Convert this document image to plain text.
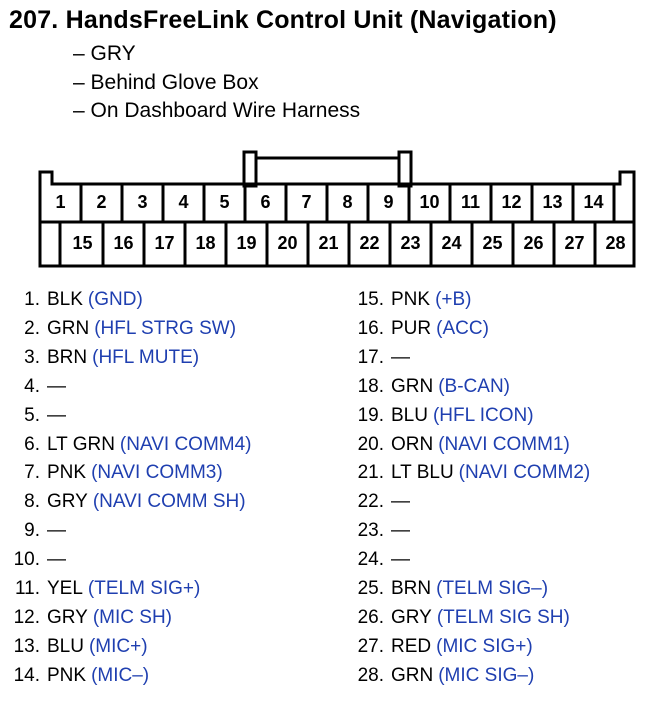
207. HandsFreeLink Control Unit (Navigation)
– GRY
– Behind Glove Box
– On Dashboard Wire Harness
1 2 3 4 5 6 7 8 9 10 11 12 13 14
15 16 17 18 19 20 21 22 23 24 25 26 27 28
1. BLK (GND)
2. GRN (HFL STRG SW)
3. BRN (HFL MUTE)
4. —
5. —
6. LT GRN (NAVI COMM4)
7. PNK (NAVI COMM3)
8. GRY (NAVI COMM SH)
9. —
10. —
11. YEL (TELM SIG+)
12. GRY (MIC SH)
13. BLU (MIC+)
14. PNK (MIC–)
15. PNK (+B)
16. PUR (ACC)
17. —
18. GRN (B-CAN)
19. BLU (HFL ICON)
20. ORN (NAVI COMM1)
21. LT BLU (NAVI COMM2)
22. —
23. —
24. —
25. BRN (TELM SIG–)
26. GRY (TELM SIG SH)
27. RED (MIC SIG+)
28. GRN (MIC SIG–)
